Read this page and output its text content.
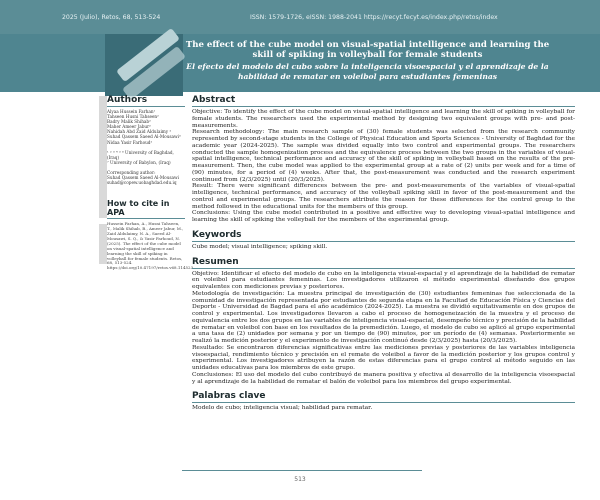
2025 (Julio), Retos, 68, 513-524	ISSN: 1579-1726, eISSN: 1988-2041 https://recyt.fecyt.es/index.php/retos/index
The effect of the cube model on visual-spatial intelligence and learning the skill of spiking in volleyball for female students
El efecto del modelo del cubo sobre la inteligencia visoespacial y el aprendizaje de la habilidad de rematar en voleibol para estudiantes femeninas
Authors
Alyaa Hussein Farhan¹
Tahseen Husni Tahseen²
Badry Malik Shihab²
Maher Ameer Jabur²
Nahidah Abd Zaid Aldulaimy ²
Suhad Qassem Saeed Al-Mousawi³
Nidaa Yasir Farhoud²
¹ ² ³ ⁴ ⁵ ⁶ University of Baghdad, (Iraq)
⁷ University of Babylon, (Iraq)
Corresponding author:
Suhad Qassem Saeed Al-Mousawi
suhad@copew.uobaghdad.edu.iq
How to cite in APA
Hussein Farhan, A., Husni Tahseen, T., Malik Shihab, B., Ameer Jabur, M., Zaid Aldulaimy, N. A., Saeed Al-Mousawi, S. Q., & Yasir Farhoud, N. (2025). The effect of the cube model on visual-spatial intelligence and learning the skill of spiking in volleyball for female students. Retos, 68, 513-524. https://doi.org/10.47197/retos.v68.114523
Abstract

Objective: To identify the effect of the cube model on visual-spatial intelligence and learning the skill of spiking in volleyball for female students. The researchers used the experimental method by designing two equivalent groups with pre- and post-measurements.

Research methodology: The main research sample of (30) female students was selected from the research community represented by second-stage students in the College of Physical Education and Sports Sciences - University of Baghdad for the academic year (2024-2025). The sample was divided equally into two control and experimental groups. The researchers conducted the sample homogenization process and the equivalence process between the two groups in the variables of visual-spatial intelligence, technical performance and accuracy of the skill of spiking in volleyball based on the results of the pre-measurement. Then, the cube model was applied to the experimental group at a rate of (2) units per week and for a time of (90) minutes, for a period of (4) weeks. After that, the post-measurement was conducted and the research experiment continued from (2/3/2025) until (20/3/2025).

Result: There were significant differences between the pre- and post-measurements of the variables of visual-spatial intelligence, technical performance, and accuracy of the volleyball spiking skill in favor of the post-measurement and the control and experimental groups. The researchers attribute the reason for these differences for the control group to the method followed in the educational units for the members of this group.

Conclusions: Using the cube model contributed in a positive and effective way to developing visual-spatial intelligence and learning the skill of spiking the volleyball for the members of the experimental group.

Keywords
Cube model; visual intelligence; spiking skill.
Resumen

Objetivo: Identificar el efecto del modelo de cubo en la inteligencia visual-espacial y el aprendizaje de la habilidad de rematar en voleibol para estudiantes femeninas. Los investigadores utilizaron el método experimental diseñando dos grupos equivalentes con mediciones previas y posteriores.

Metodología de investigación: La muestra principal de investigación de (30) estudiantes femeninas fue seleccionada de la comunidad de investigación representada por estudiantes de segunda etapa en la Facultad de Educación Física y Ciencias del Deporte - Universidad de Bagdad para el año académico (2024-2025). La muestra se dividió equitativamente en dos grupos de control y experimental. Los investigadores llevaron a cabo el proceso de homogeneización de la muestra y el proceso de equivalencia entre los dos grupos en las variables de inteligencia visual-espacial, desempeño técnico y precisión de la habilidad de rematar en voleibol con base en los resultados de la premedición. Luego, el modelo de cubo se aplicó al grupo experimental a una tasa de (2) unidades por semana y por un tiempo de (90) minutos, por un período de (4) semanas. Posteriormente se realizó la medición posterior y el experimento de investigación continuó desde (2/3/2025) hasta (20/3/2025).

Resultado: Se encontraron diferencias significativas entre las mediciones previas y posteriores de las variables inteligencia visoespacial, rendimiento técnico y precisión en el remate de voleibol a favor de la medición posterior y los grupos control y experimental. Los investigadores atribuyen la razón de estas diferencias para el grupo control al método seguido en las unidades educativas para los miembros de este grupo.

Conclusiones: El uso del modelo del cubo contribuyó de manera positiva y efectiva al desarrollo de la inteligencia visoespacial y al aprendizaje de la habilidad de rematar el balón de voleibol para los miembros del grupo experimental.

Palabras clave
Modelo de cubo; inteligencia visual; habilidad para rematar.
513
